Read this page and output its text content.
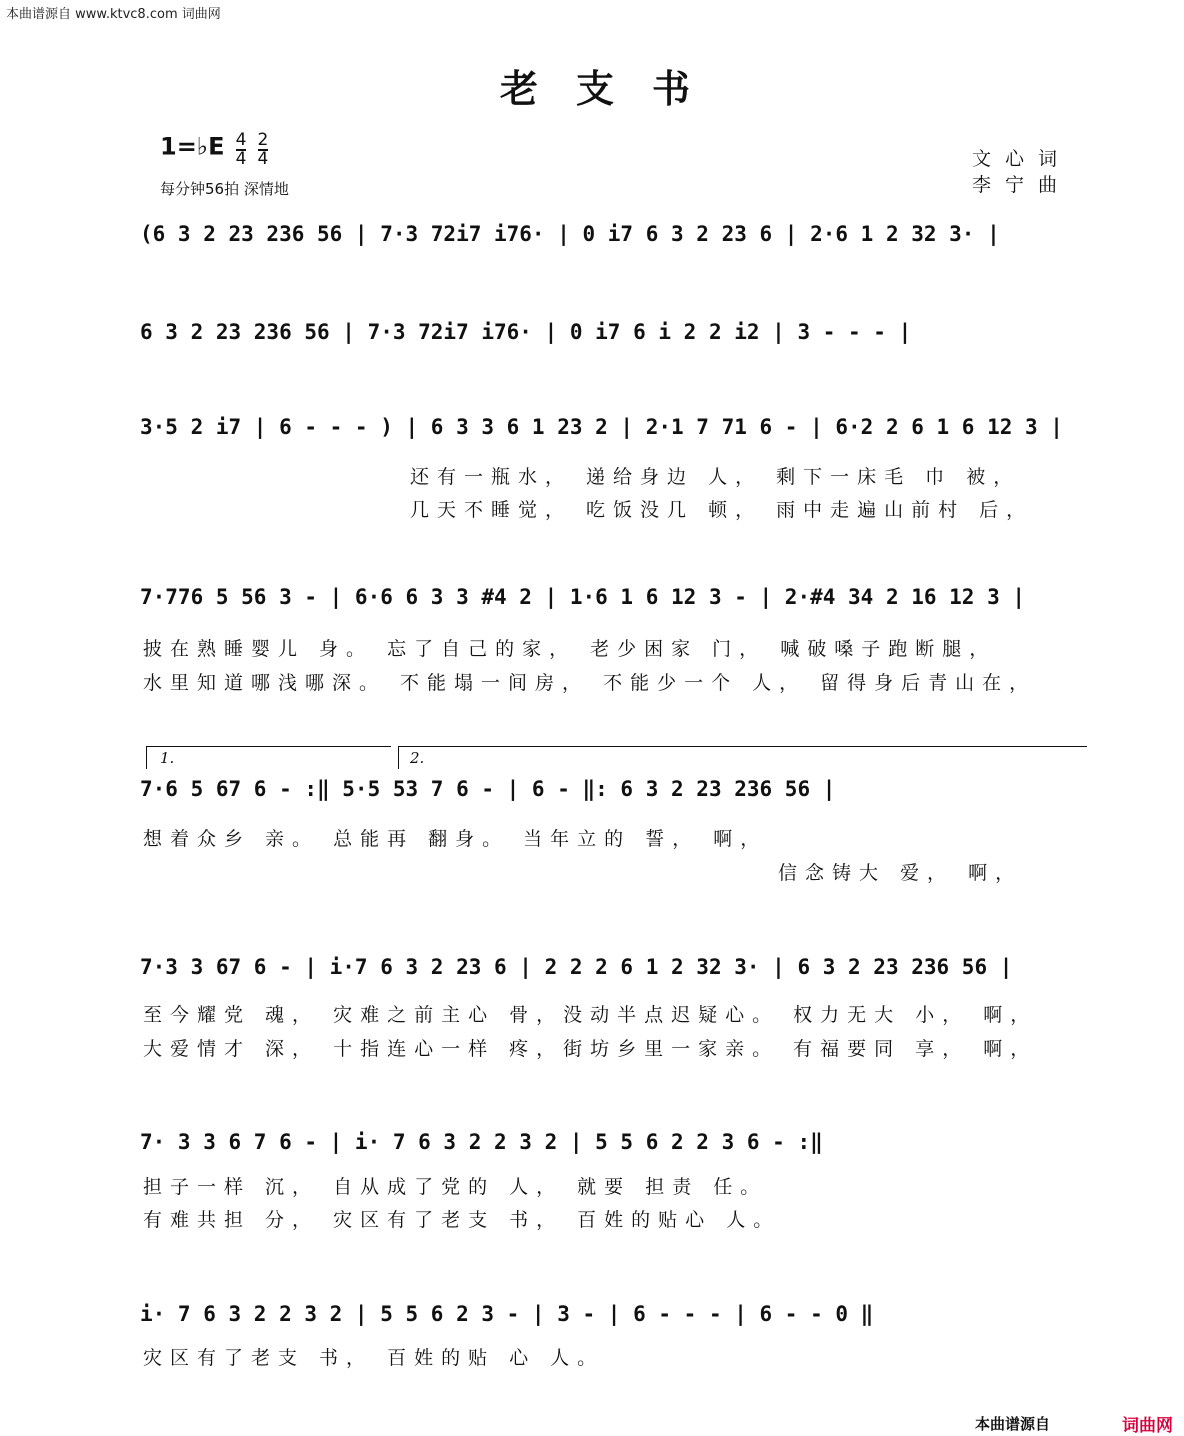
本曲谱源自 www.ktvc8.com 词曲网
老支书
1=♭E $\frac{4}{4}$
$\frac{2}{4}$
每分钟56拍 深情地
文心词
李宁曲
(6 3 2 23 236 56 | 7·3 72i7 i76· | 0 i7 6 3 2 23 6 | 2·6 1 2 32 3· |
6 3 2 23 236 56 | 7·3 72i7 i76· | 0 i7 6 i 2 2 i2 | 3 - - - |
3·5 2 i7 | 6 - - - ) | 6 3 3 6 1 23 2 | 2·1 7 71 6 - | 6·2 2 6 1 6 12 3 |
还有一瓶水， 递给身边 人， 剩下一床毛 巾 被，
几天不睡觉， 吃饭没几 顿， 雨中走遍山前村 后，
7·776 5 56 3 - | 6·6 6 3 3 #4 2 | 1·6 1 6 12 3 - | 2·#4 34 2 16 12 3 |
披在熟睡婴儿 身。 忘了自己的家， 老少困家 门， 喊破嗓子跑断腿，
水里知道哪浅哪深。 不能塌一间房， 不能少一个 人， 留得身后青山在，
1.	2.
7·6 5 67 6 - :‖ 5·5 53 7 6 - | 6 - ‖: 6 3 2 23 236 56 |
想着众乡 亲。 总能再 翻身。 当年立的 誓， 啊，
信念铸大 爱， 啊，
7·3 3 67 6 - | i·7 6 3 2 23 6 | 2 2 2 6 1 2 32 3· | 6 3 2 23 236 56 |
至今耀党 魂， 灾难之前主心 骨，没动半点迟疑心。 权力无大 小， 啊，
大爱情才 深， 十指连心一样 疼，街坊乡里一家亲。 有福要同 享， 啊，
7· 3 3 6 7 6 - | i· 7 6 3 2 2 3 2 | 5 5 6 2 2 3 6 - :‖
担子一样 沉， 自从成了党的 人， 就要 担责 任。
有难共担 分， 灾区有了老支 书， 百姓的贴心 人。
i· 7 6 3 2 2 3 2 | 5 5 6 2 3 - | 3 - | 6 - - - | 6 - - 0 ‖
灾区有了老支 书， 百姓的贴 心 人。
本曲谱源自	词曲网
